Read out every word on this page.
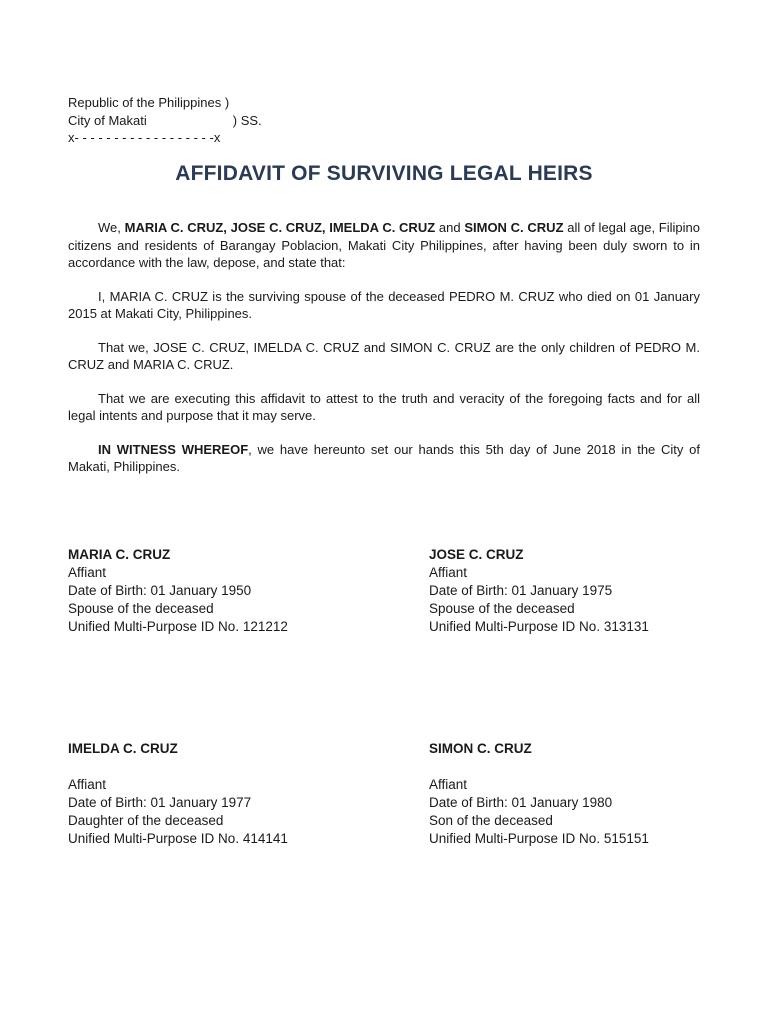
Republic of the Philippines )
City of Makati	) SS.
x- - - - - - - - - - - - - - - - - -x
AFFIDAVIT OF SURVIVING LEGAL HEIRS

We, MARIA C. CRUZ, JOSE C. CRUZ, IMELDA C. CRUZ and SIMON C. CRUZ all of legal age, Filipino citizens and residents of Barangay Poblacion, Makati City Philippines, after having been duly sworn to in accordance with the law, depose, and state that:

I, MARIA C. CRUZ is the surviving spouse of the deceased PEDRO M. CRUZ who died on 01 January 2015 at Makati City, Philippines.

That we, JOSE C. CRUZ, IMELDA C. CRUZ and SIMON C. CRUZ are the only children of PEDRO M. CRUZ and MARIA C. CRUZ.

That we are executing this affidavit to attest to the truth and veracity of the foregoing facts and for all legal intents and purpose that it may serve.

IN WITNESS WHEREOF, we have hereunto set our hands this 5th day of June 2018 in the City of Makati, Philippines.

MARIA C. CRUZ
Affiant
Date of Birth: 01 January 1950
Spouse of the deceased
Unified Multi-Purpose ID No. 121212
JOSE C. CRUZ
Affiant
Date of Birth: 01 January 1975
Spouse of the deceased
Unified Multi-Purpose ID No. 313131
IMELDA C. CRUZ
Affiant
Date of Birth: 01 January 1977
Daughter of the deceased
Unified Multi-Purpose ID No. 414141
SIMON C. CRUZ
Affiant
Date of Birth: 01 January 1980
Son of the deceased
Unified Multi-Purpose ID No. 515151
